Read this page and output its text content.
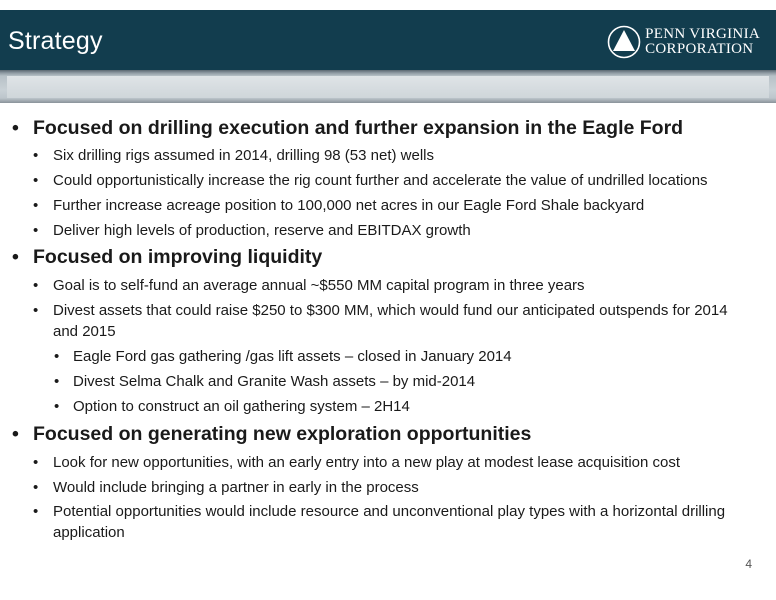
Strategy	PENN VIRGINIA
CORPORATION
• Focused on drilling execution and further expansion in the Eagle Ford
• Six drilling rigs assumed in 2014, drilling 98 (53 net) wells
• Could opportunistically increase the rig count further and accelerate the value of undrilled locations
• Further increase acreage position to 100,000 net acres in our Eagle Ford Shale backyard
• Deliver high levels of production, reserve and EBITDAX growth
• Focused on improving liquidity
• Goal is to self-fund an average annual ~$550 MM capital program in three years
• Divest assets that could raise $250 to $300 MM, which would fund our anticipated outspends for 2014 and 2015
• Eagle Ford gas gathering /gas lift assets – closed in January 2014
• Divest Selma Chalk and Granite Wash assets – by mid-2014
• Option to construct an oil gathering system – 2H14
• Focused on generating new exploration opportunities
• Look for new opportunities, with an early entry into a new play at modest lease acquisition cost
• Would include bringing a partner in early in the process
• Potential opportunities would include resource and unconventional play types with a horizontal drilling application
4
